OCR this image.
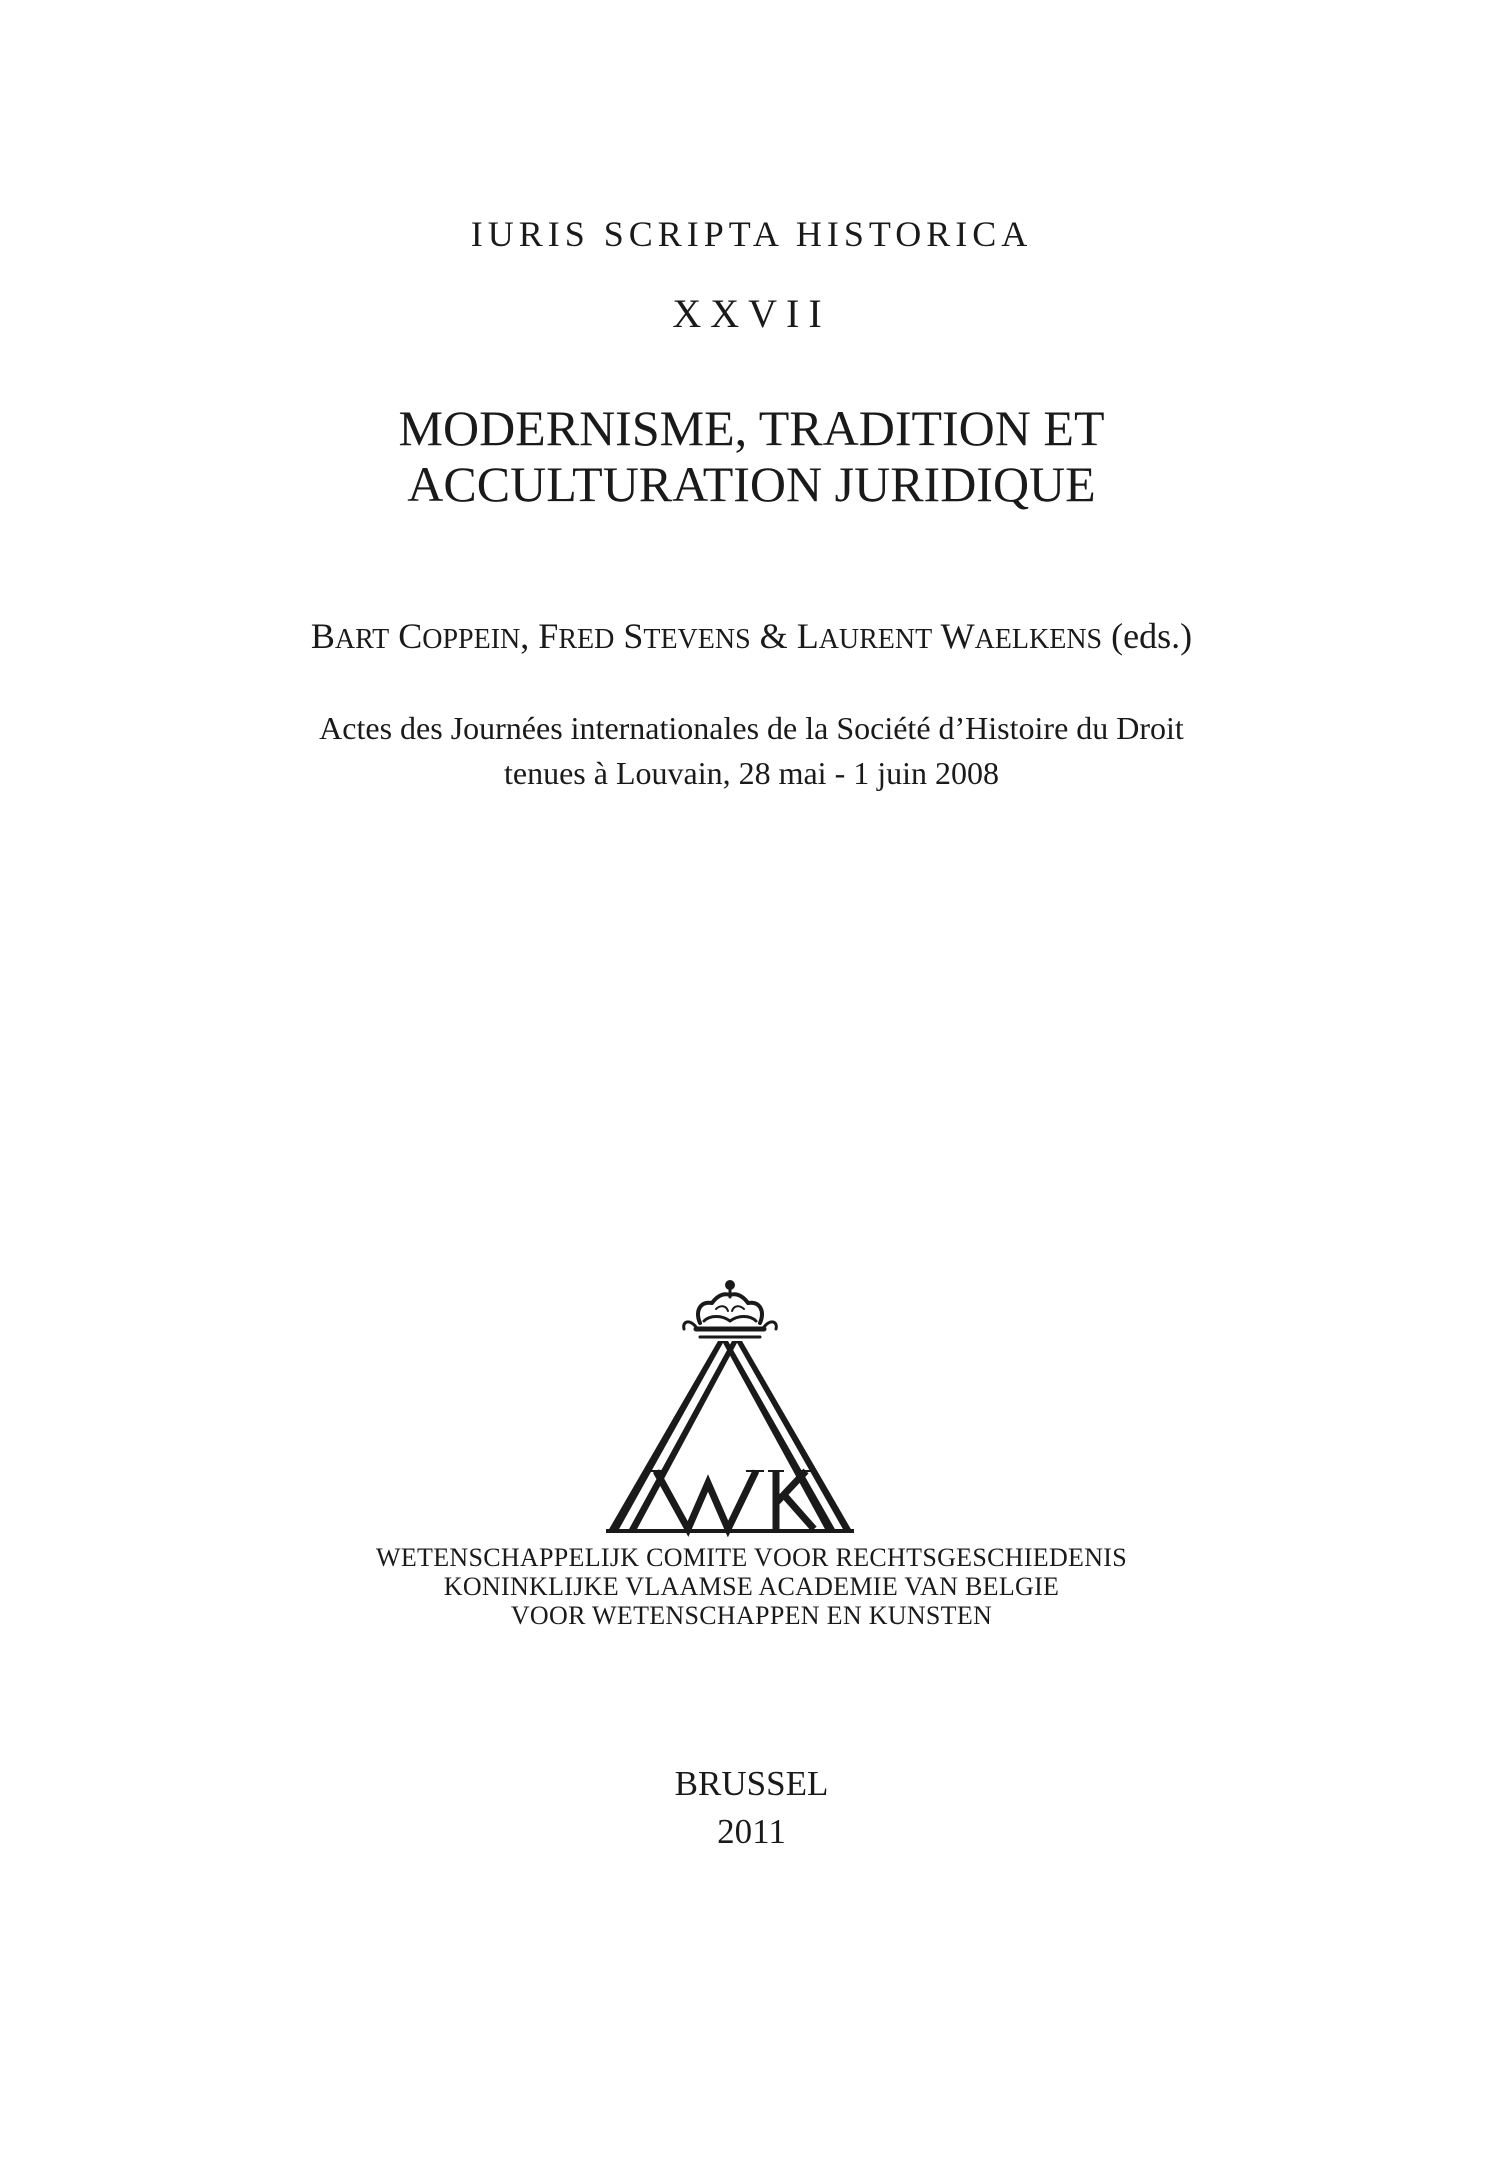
IURIS SCRIPTA HISTORICA
XXVII
MODERNISME, TRADITION ET
ACCULTURATION JURIDIQUE
BART COPPEIN, FRED STEVENS & LAURENT WAELKENS (eds.)
Actes des Journées internationales de la Société d’Histoire du Droit
tenues à Louvain, 28 mai - 1 juin 2008
WETENSCHAPPELIJK COMITE VOOR RECHTSGESCHIEDENIS
KONINKLIJKE VLAAMSE ACADEMIE VAN BELGIE
VOOR WETENSCHAPPEN EN KUNSTEN
BRUSSEL
2011
